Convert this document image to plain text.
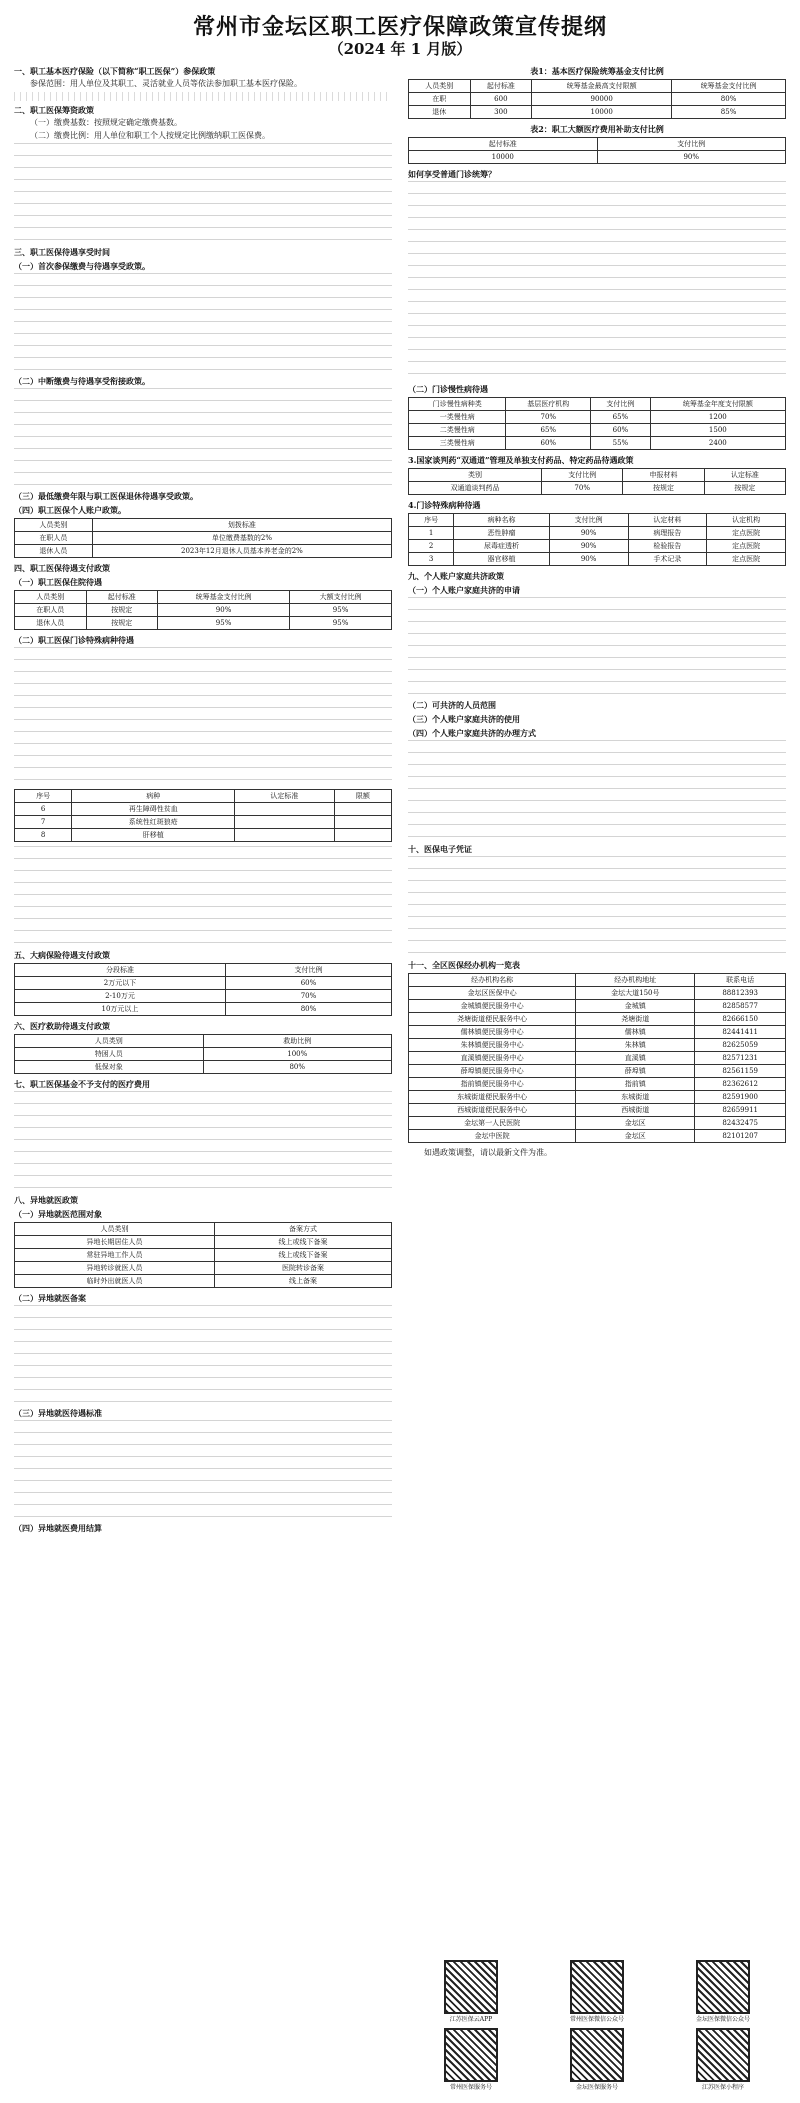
常州市金坛区职工医疗保障政策宣传提纲
（2024 年 1 月版）
一、职工基本医疗保险（以下简称“职工医保”）参保政策

参保范围：用人单位及其职工、灵活就业人员等依法参加职工基本医疗保险。

二、职工医保筹资政策

（一）缴费基数：按照规定确定缴费基数。

（二）缴费比例：用人单位和职工个人按规定比例缴纳职工医保费。

三、职工医保待遇享受时间
（一）首次参保缴费与待遇享受政策。
（二）中断缴费与待遇享受衔接政策。
（三）最低缴费年限与职工医保退休待遇享受政策。
（四）职工医保个人账户政策。
人员类别	划拨标准
在职人员	单位缴费基数的2%
退休人员	2023年12月退休人员基本养老金的2%
四、职工医保待遇支付政策
（一）职工医保住院待遇
人员类别	起付标准	统筹基金支付比例	大额支付比例
在职人员	按规定	90%	95%
退休人员	按规定	95%	95%
（二）职工医保门诊特殊病种待遇
序号	病种	认定标准	限额
6	再生障碍性贫血		
7	系统性红斑狼疮		
8	肝移植		
五、大病保险待遇支付政策
分段标准	支付比例
2万元以下	60%
2-10万元	70%
10万元以上	80%
六、医疗救助待遇支付政策
人员类别	救助比例
特困人员	100%
低保对象	80%
七、职工医保基金不予支付的医疗费用
八、异地就医政策
（一）异地就医范围对象
人员类别	备案方式
异地长期居住人员	线上或线下备案
常驻异地工作人员	线上或线下备案
异地转诊就医人员	医院转诊备案
临时外出就医人员	线上备案
（二）异地就医备案
（三）异地就医待遇标准
（四）异地就医费用结算
表1：基本医疗保险统筹基金支付比例
人员类别	起付标准	统筹基金最高支付限额	统筹基金支付比例
在职	600	90000	80%
退休	300	10000	85%
表2：职工大额医疗费用补助支付比例
起付标准	支付比例
10000	90%
如何享受普通门诊统筹？
（二）门诊慢性病待遇
门诊慢性病种类	基层医疗机构	支付比例	统筹基金年度支付限额
一类慢性病	70%	65%	1200
二类慢性病	65%	60%	1500
三类慢性病	60%	55%	2400
3.国家谈判药“双通道”管理及单独支付药品、特定药品待遇政策
类别	支付比例	申报材料	认定标准
双通道谈判药品	70%	按规定	按规定
4.门诊特殊病种待遇
序号	病种名称	支付比例	认定材料	认定机构
1	恶性肿瘤	90%	病理报告	定点医院
2	尿毒症透析	90%	检验报告	定点医院
3	器官移植	90%	手术记录	定点医院
九、个人账户家庭共济政策
（一）个人账户家庭共济的申请
（二）可共济的人员范围
（三）个人账户家庭共济的使用
（四）个人账户家庭共济的办理方式
十、医保电子凭证
十一、全区医保经办机构一览表
经办机构名称	经办机构地址	联系电话
金坛区医保中心	金坛大道150号	88812393
金城镇便民服务中心	金城镇	82858577
尧塘街道便民服务中心	尧塘街道	82666150
儒林镇便民服务中心	儒林镇	82441411
朱林镇便民服务中心	朱林镇	82625059
直溪镇便民服务中心	直溪镇	82571231
薛埠镇便民服务中心	薛埠镇	82561159
指前镇便民服务中心	指前镇	82362612
东城街道便民服务中心	东城街道	82591900
西城街道便民服务中心	西城街道	82659911
金坛第一人民医院	金坛区	82432475
金坛中医院	金坛区	82101207

如遇政策调整，请以最新文件为准。

江苏医保云APP	常州医保微信公众号	金坛医保微信公众号
常州医保服务号	金坛医保服务号	江苏医保小程序
